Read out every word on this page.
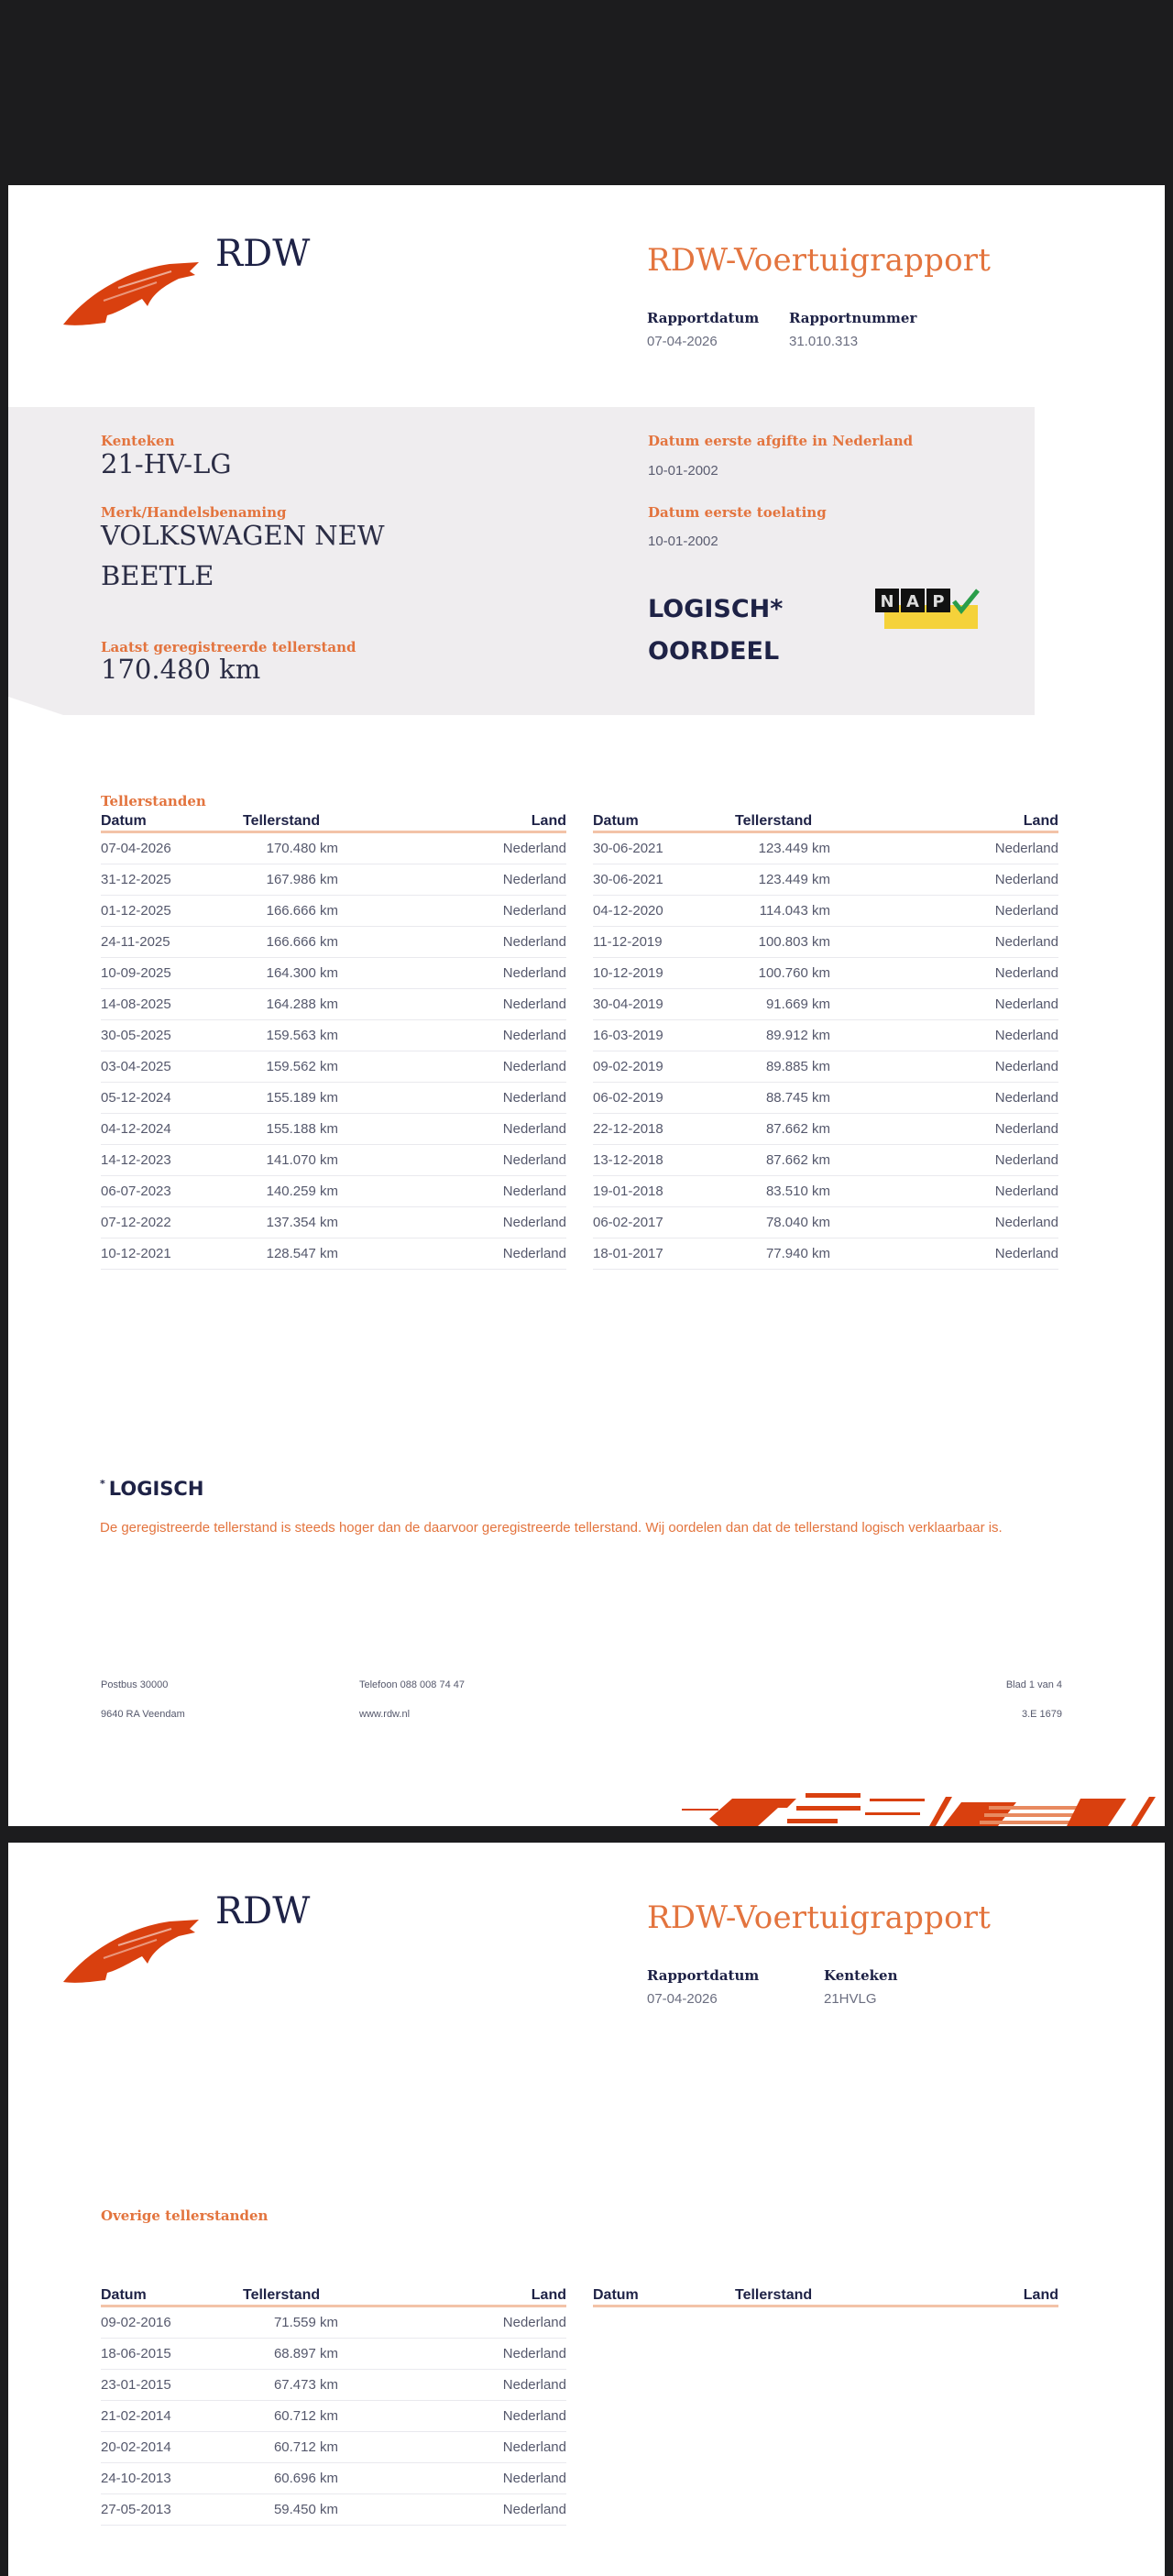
RDW	RDW-Voertuigrapport
Rapportdatum
07-04-2026
Rapportnummer
31.010.313
Kenteken
21-HV-LG
Merk/Handelsbenaming
VOLKSWAGEN NEW
BEETLE
Laatst geregistreerde tellerstand
170.480 km
Datum eerste afgifte in Nederland
10-01-2002
Datum eerste toelating
10-01-2002
LOGISCH*
OORDEEL
N A P
Tellerstanden
Datum	Tellerstand	Land
07-04-2026	170.480 km	Nederland
31-12-2025	167.986 km	Nederland
01-12-2025	166.666 km	Nederland
24-11-2025	166.666 km	Nederland
10-09-2025	164.300 km	Nederland
14-08-2025	164.288 km	Nederland
30-05-2025	159.563 km	Nederland
03-04-2025	159.562 km	Nederland
05-12-2024	155.189 km	Nederland
04-12-2024	155.188 km	Nederland
14-12-2023	141.070 km	Nederland
06-07-2023	140.259 km	Nederland
07-12-2022	137.354 km	Nederland
10-12-2021	128.547 km	Nederland
Datum	Tellerstand	Land
30-06-2021	123.449 km	Nederland
30-06-2021	123.449 km	Nederland
04-12-2020	114.043 km	Nederland
11-12-2019	100.803 km	Nederland
10-12-2019	100.760 km	Nederland
30-04-2019	91.669 km	Nederland
16-03-2019	89.912 km	Nederland
09-02-2019	89.885 km	Nederland
06-02-2019	88.745 km	Nederland
22-12-2018	87.662 km	Nederland
13-12-2018	87.662 km	Nederland
19-01-2018	83.510 km	Nederland
06-02-2017	78.040 km	Nederland
18-01-2017	77.940 km	Nederland
* LOGISCH
De geregistreerde tellerstand is steeds hoger dan de daarvoor geregistreerde tellerstand. Wij oordelen dan dat de tellerstand logisch verklaarbaar is.
Postbus 30000
9640 RA Veendam
Telefoon 088 008 74 47
www.rdw.nl
Blad 1 van 4
3.E 1679
RDW	RDW-Voertuigrapport
Rapportdatum
07-04-2026
Kenteken
21HVLG
Overige tellerstanden
Datum	Tellerstand	Land
09-02-2016	71.559 km	Nederland
18-06-2015	68.897 km	Nederland
23-01-2015	67.473 km	Nederland
21-02-2014	60.712 km	Nederland
20-02-2014	60.712 km	Nederland
24-10-2013	60.696 km	Nederland
27-05-2013	59.450 km	Nederland
Datum	Tellerstand	Land
